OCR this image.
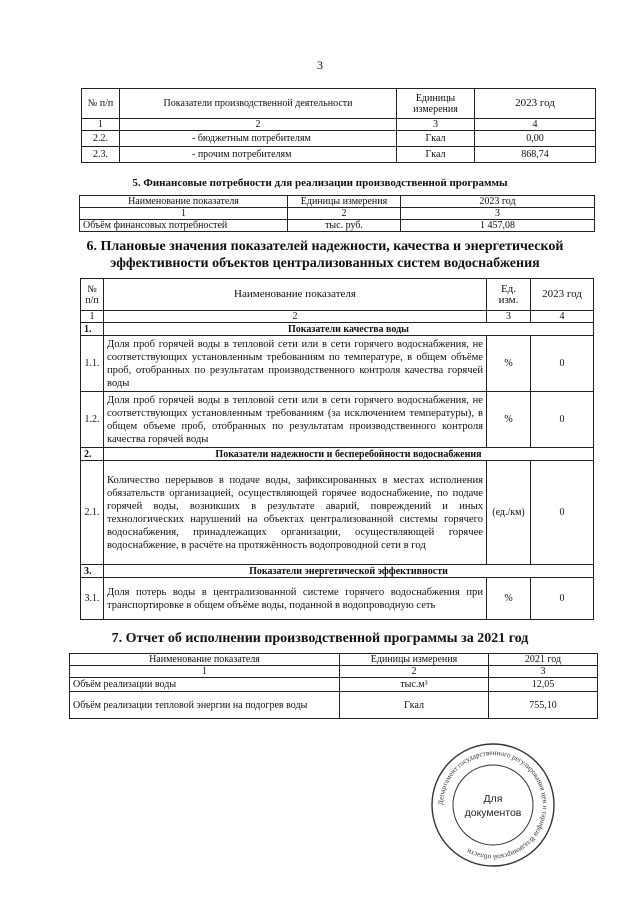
3
№ п/п	Показатели производственной деятельности	Единицы измерения	2023 год
1	2	3	4
2.2.	- бюджетным потребителям	Гкал	0,00
2.3.	- прочим потребителям	Гкал	868,74
5. Финансовые потребности для реализации производственной программы
Наименование показателя	Единицы измерения	2023 год
1	2	3
Объём финансовых потребностей	тыс. руб.	1 457,08
6. Плановые значения показателей надежности, качества и энергетической эффективности объектов централизованных систем водоснабжения
№ п/п	Наименование показателя	Ед. изм.	2023 год
1	2	3	4
1.	Показатели качества воды		
1.1.	Доля проб горячей воды в тепловой сети или в сети горячего водоснабжения, не соответствующих установленным требованиям по температуре, в общем объёме проб, отобранных по результатам производственного контроля качества горячей воды	%	0
1.2.	Доля проб горячей воды в тепловой сети или в сети горячего водоснабжения, не соответствующих установленным требованиям (за исключением температуры), в общем объеме проб, отобранных по результатам производственного контроля качества горячей воды	%	0
2.	Показатели надежности и бесперебойности водоснабжения		
2.1.	Количество перерывов в подаче воды, зафиксированных в местах исполнения обязательств организацией, осуществляющей горячее водоснабжение, по подаче горячей воды, возникших в результате аварий, повреждений и иных технологических нарушений на объектах централизованной системы горячего водоснабжения, принадлежащих организации, осуществляющей горячее водоснабжение, в расчёте на протяжённость водопроводной сети в год	(ед./км)	0
3.	Показатели энергетической эффективности		
3.1.	Доля потерь воды в централизованной системе горячего водоснабжения при транспортировке в общем объёме воды, поданной в водопроводную сеть	%	0
7. Отчет об исполнении производственной программы за 2021 год
Наименование показателя	Единицы измерения	2021 год
1	2	3
Объём реализации воды	тыс.м³	12,05
Объём реализации тепловой энергии на подогрев воды	Гкал	755,10
Департамент государственного регулирования цен и тарифов Владимирской области
Для
документов
